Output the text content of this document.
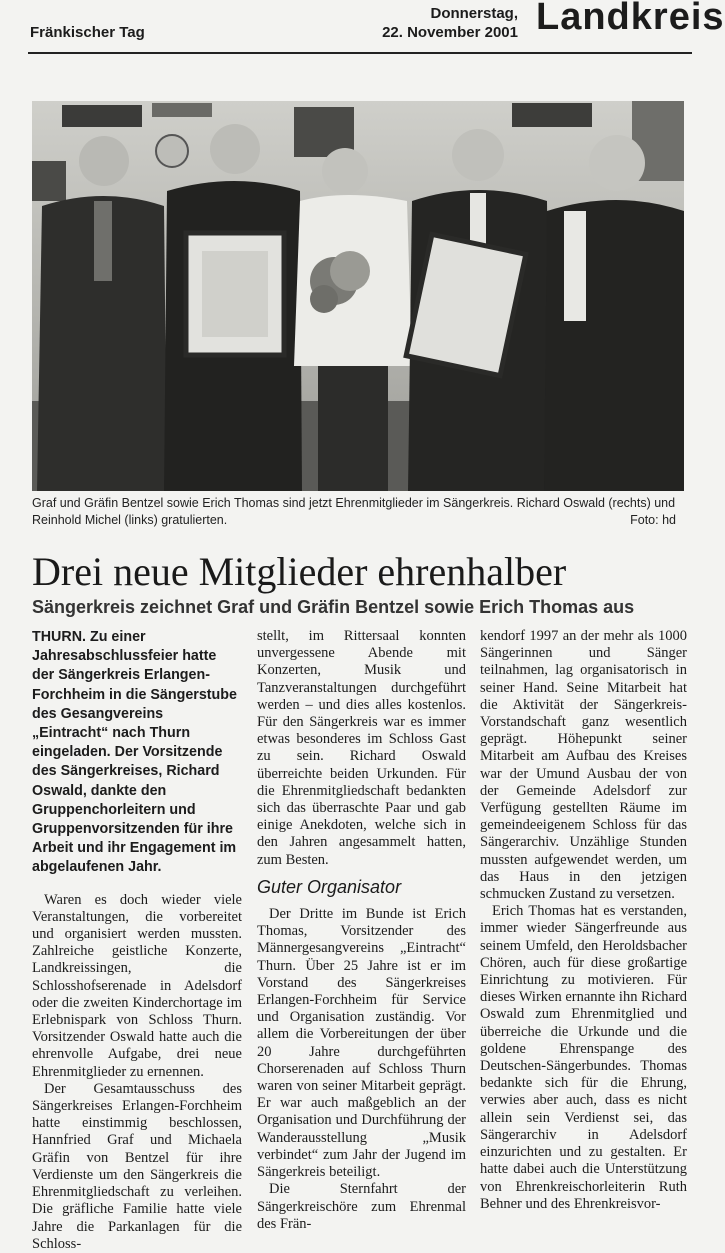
Fränkischer Tag
Donnerstag,
22. November 2001 Landkreis
Graf und Gräfin Bentzel sowie Erich Thomas sind jetzt Ehrenmitglieder im Sängerkreis. Richard Oswald (rechts) und Reinhold Michel (links) gratulierten.	Foto: hd
Drei neue Mitglieder ehrenhalber
Sängerkreis zeichnet Graf und Gräfin Bentzel sowie Erich Thomas aus

THURN. Zu einer Jahresabschlussfeier hatte der Sängerkreis Erlangen-Forchheim in die Sängerstube des Gesangvereins „Eintracht“ nach Thurn eingeladen. Der Vorsitzende des Sängerkreises, Richard Oswald, dankte den Gruppenchorleitern und Gruppenvorsitzenden für ihre Arbeit und ihr Engagement im abgelaufenen Jahr.

Waren es doch wieder viele Veranstaltungen, die vorbereitet und organisiert werden mussten. Zahlreiche geistliche Konzerte, Landkreissingen, die Schlosshofserenade in Adelsdorf oder die zweiten Kinderchortage im Erlebnispark von Schloss Thurn. Vorsitzender Oswald hatte auch die ehrenvolle Aufgabe, drei neue Ehrenmitglieder zu ernennen.

Der Gesamtausschuss des Sängerkreises Erlangen-Forchheim hatte einstimmig beschlossen, Hannfried Graf und Michaela Gräfin von Bentzel für ihre Verdienste um den Sängerkreis die Ehrenmitgliedschaft zu verleihen. Die gräfliche Familie hatte viele Jahre die Parkanlagen für die Schloss-

stellt, im Rittersaal konnten unvergessene Abende mit Konzerten, Musik und Tanzveranstaltungen durchgeführt werden – und dies alles kostenlos. Für den Sängerkreis war es immer etwas besonderes im Schloss Gast zu sein. Richard Oswald überreichte beiden Urkunden. Für die Ehrenmitgliedschaft bedankten sich das überraschte Paar und gab einige Anekdoten, welche sich in den Jahren angesammelt hatten, zum Besten.

Guter Organisator

Der Dritte im Bunde ist Erich Thomas, Vorsitzender des Männergesangvereins „Eintracht“ Thurn. Über 25 Jahre ist er im Vorstand des Sängerkreises Erlangen-Forchheim für Service und Organisation zuständig. Vor allem die Vorbereitungen der über 20 Jahre durchgeführten Chorserenaden auf Schloss Thurn waren von seiner Mitarbeit geprägt. Er war auch maßgeblich an der Organisation und Durchführung der Wanderausstellung „Musik verbindet“ zum Jahr der Jugend im Sängerkreis beteiligt.

Die Sternfahrt der Sängerkreischöre zum Ehrenmal des Frän-

kendorf 1997 an der mehr als 1000 Sängerinnen und Sänger teilnahmen, lag organisatorisch in seiner Hand. Seine Mitarbeit hat die Aktivität der Sängerkreis-Vorstandschaft ganz wesentlich geprägt. Höhepunkt seiner Mitarbeit am Aufbau des Kreises war der Umund Ausbau der von der Gemeinde Adelsdorf zur Verfügung gestellten Räume im gemeindeeigenem Schloss für das Sängerarchiv. Unzählige Stunden mussten aufgewendet werden, um das Haus in den jetzigen schmucken Zustand zu versetzen.

Erich Thomas hat es verstanden, immer wieder Sängerfreunde aus seinem Umfeld, den Heroldsbacher Chören, auch für diese großartige Einrichtung zu motivieren. Für dieses Wirken ernannte ihn Richard Oswald zum Ehrenmitglied und überreiche die Urkunde und die goldene Ehrenspange des Deutschen-Sängerbundes. Thomas bedankte sich für die Ehrung, verwies aber auch, dass es nicht allein sein Verdienst sei, das Sängerarchiv in Adelsdorf einzurichten und zu gestalten. Er hatte dabei auch die Unterstützung von Ehrenkreischorleiterin Ruth Behner und des Ehrenkreisvor-
